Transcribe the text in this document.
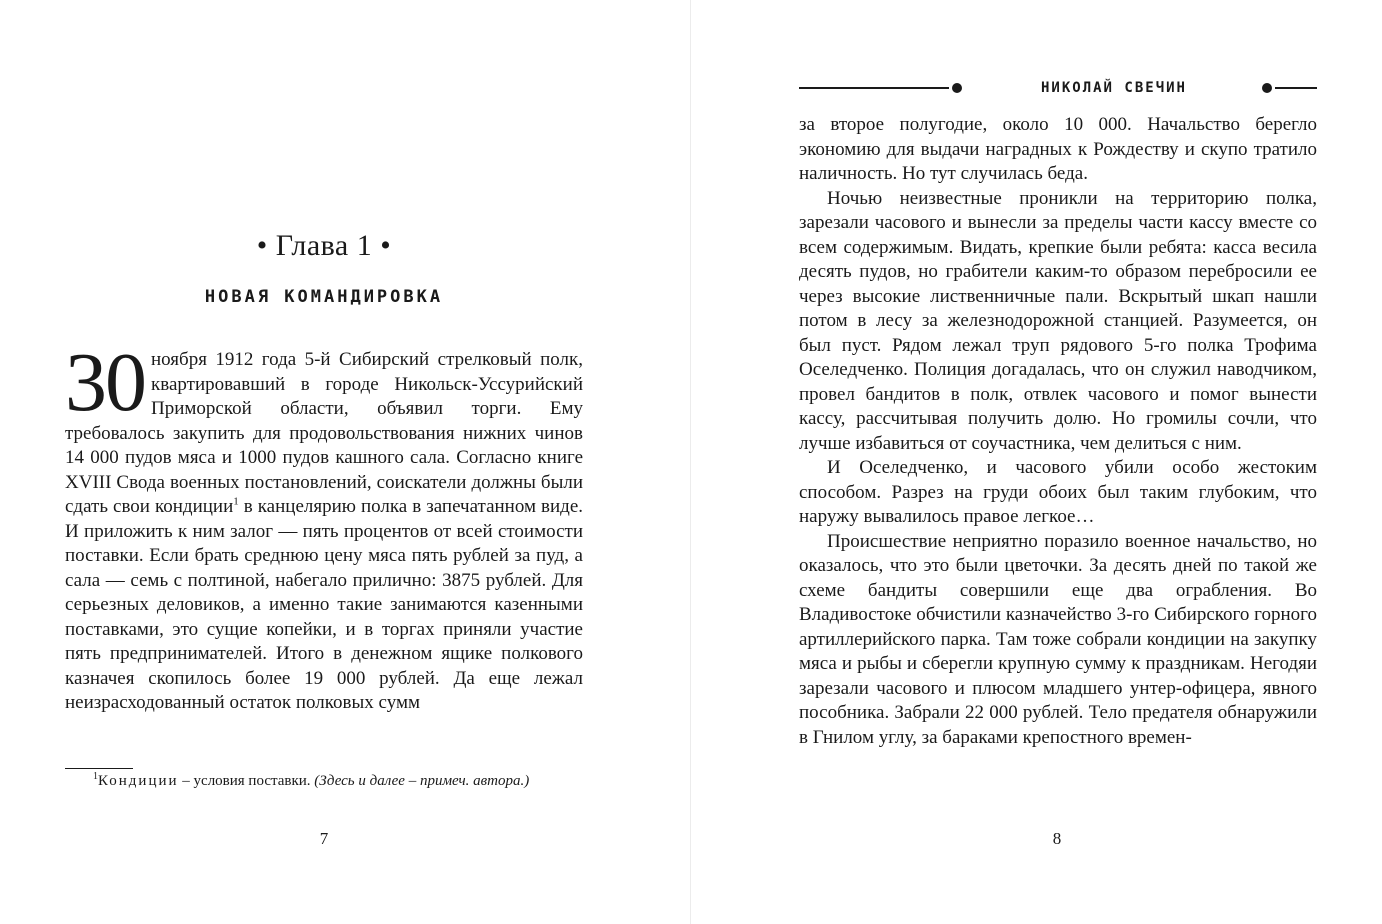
• Глава 1 •
НОВАЯ КОМАНДИРОВКА
30 ноября 1912 года 5-й Сибирский стрелковый полк, квартировавший в городе Никольск-Уссурийский Приморской области, объявил торги. Ему требовалось закупить для продовольствования нижних чинов 14 000 пудов мяса и 1000 пудов кашного сала. Согласно книге XVIII Свода военных постановлений, соискатели должны были сдать свои кондиции$^1$ в канцелярию полка в запечатанном виде. И приложить к ним залог — пять процентов от всей стоимости поставки. Если брать среднюю цену мяса пять рублей за пуд, а сала — семь с полтиной, набегало прилично: 3875 рублей. Для серьезных деловиков, а именно такие занимаются казенными поставками, это сущие копейки, и в торгах приняли участие пять предпринимателей. Итого в денежном ящике полкового казначея скопилось более 19 000 рублей. Да еще лежал неизрасходованный остаток полковых сумм
$^1$Кондиции – условия поставки. (Здесь и далее – примеч. автора.)
7
НИКОЛАЙ СВЕЧИН

за второе полугодие, около 10 000. Начальство берегло экономию для выдачи наградных к Рождеству и скупо тратило наличность. Но тут случилась беда.

Ночью неизвестные проникли на территорию полка, зарезали часового и вынесли за пределы части кассу вместе со всем содержимым. Видать, крепкие были ребята: касса весила десять пудов, но грабители каким-то образом перебросили ее через высокие лиственничные пали. Вскрытый шкап нашли потом в лесу за железнодорожной станцией. Разумеется, он был пуст. Рядом лежал труп рядового 5-го полка Трофима Оселедченко. Полиция догадалась, что он служил наводчиком, провел бандитов в полк, отвлек часового и помог вынести кассу, рассчитывая получить долю. Но громилы сочли, что лучше избавиться от соучастника, чем делиться с ним.

И Оселедченко, и часового убили особо жестоким способом. Разрез на груди обоих был таким глубоким, что наружу вывалилось правое легкое…

Происшествие неприятно поразило военное начальство, но оказалось, что это были цветочки. За десять дней по такой же схеме бандиты совершили еще два ограбления. Во Владивостоке обчистили казначейство 3-го Сибирского горного артиллерийского парка. Там тоже собрали кондиции на закупку мяса и рыбы и сберегли крупную сумму к праздникам. Негодяи зарезали часового и плюсом младшего унтер-офицера, явного пособника. Забрали 22 000 рублей. Тело предателя обнаружили в Гнилом углу, за бараками крепостного времен-

8
